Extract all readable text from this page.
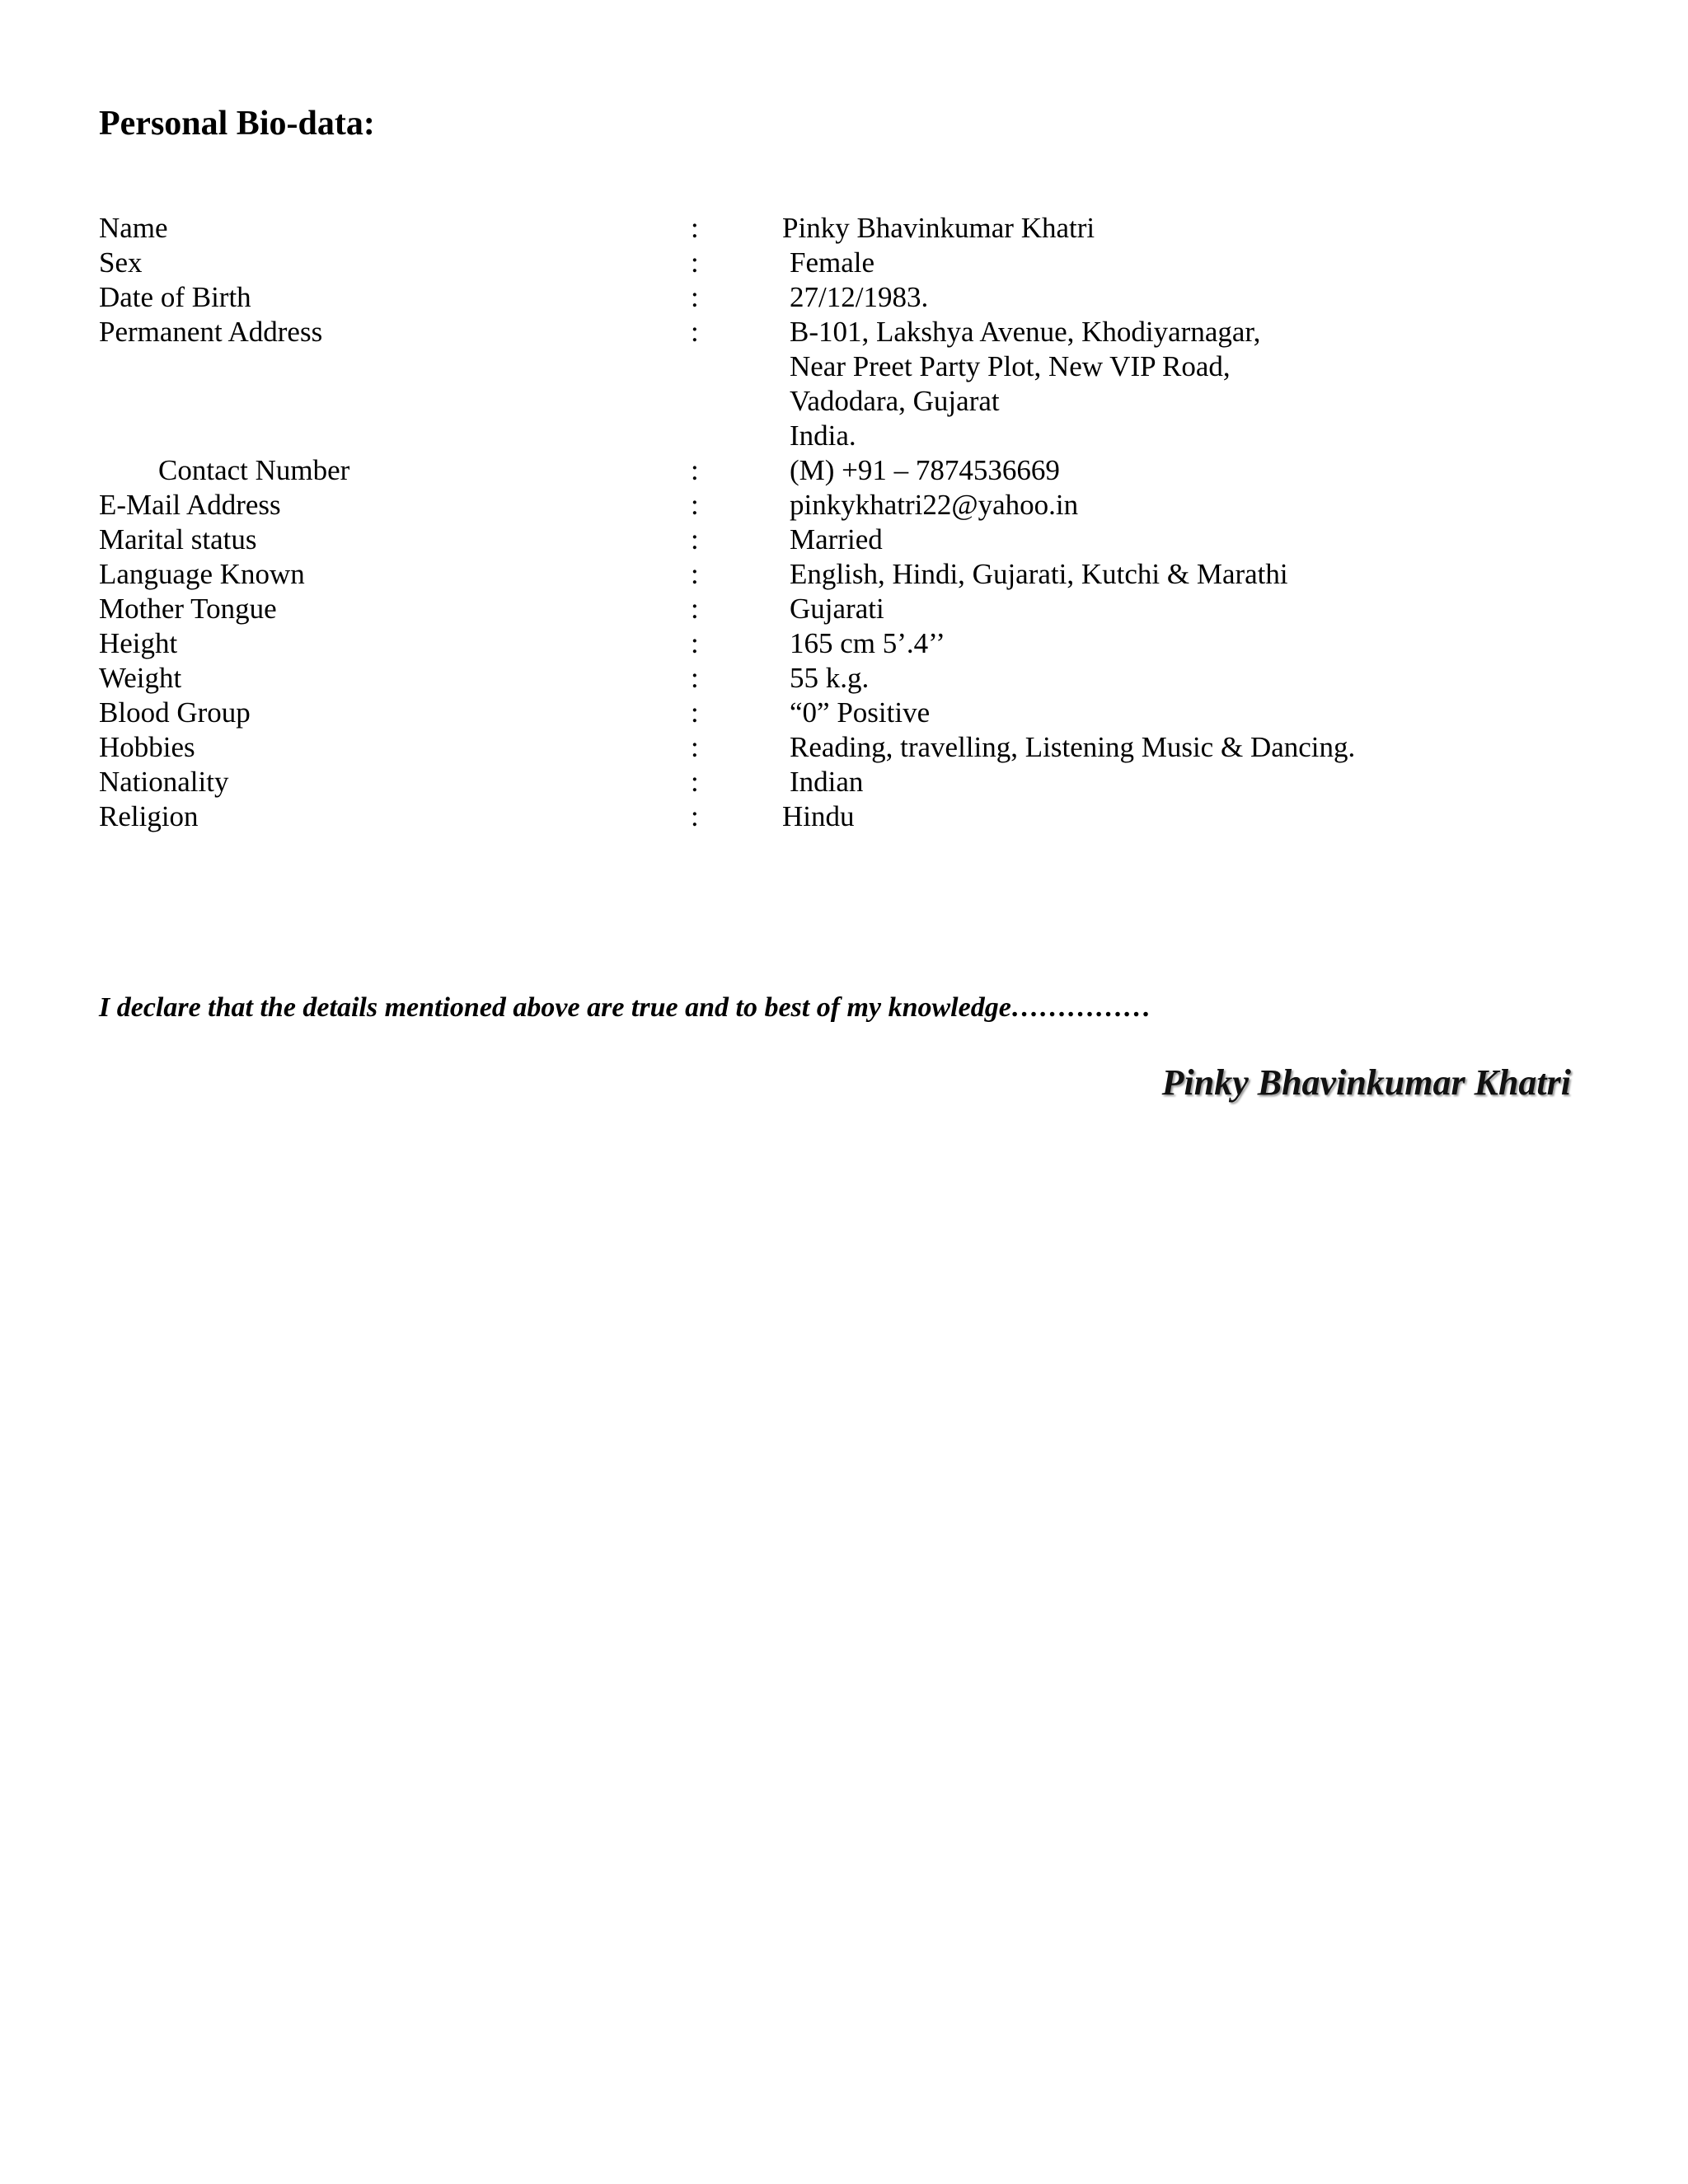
Personal Bio-data:
Name	:	Pinky Bhavinkumar Khatri
Sex	:	Female
Date of Birth	:	27/12/1983.
Permanent Address	:	B-101, Lakshya Avenue, Khodiyarnagar,
Near Preet Party Plot, New VIP Road,
Vadodara, Gujarat
India.
Contact Number	:	(M) +91 – 7874536669
E-Mail Address	:	pinkykhatri22@yahoo.in
Marital status	:	Married
Language Known	:	English, Hindi, Gujarati, Kutchi & Marathi
Mother Tongue	:	Gujarati
Height	:	165 cm 5’.4’’
Weight	:	55 k.g.
Blood Group	:	“0” Positive
Hobbies	:	Reading, travelling, Listening Music & Dancing.
Nationality	:	Indian
Religion	:	Hindu

I declare that the details mentioned above are true and to best of my knowledge……………

Pinky Bhavinkumar Khatri
